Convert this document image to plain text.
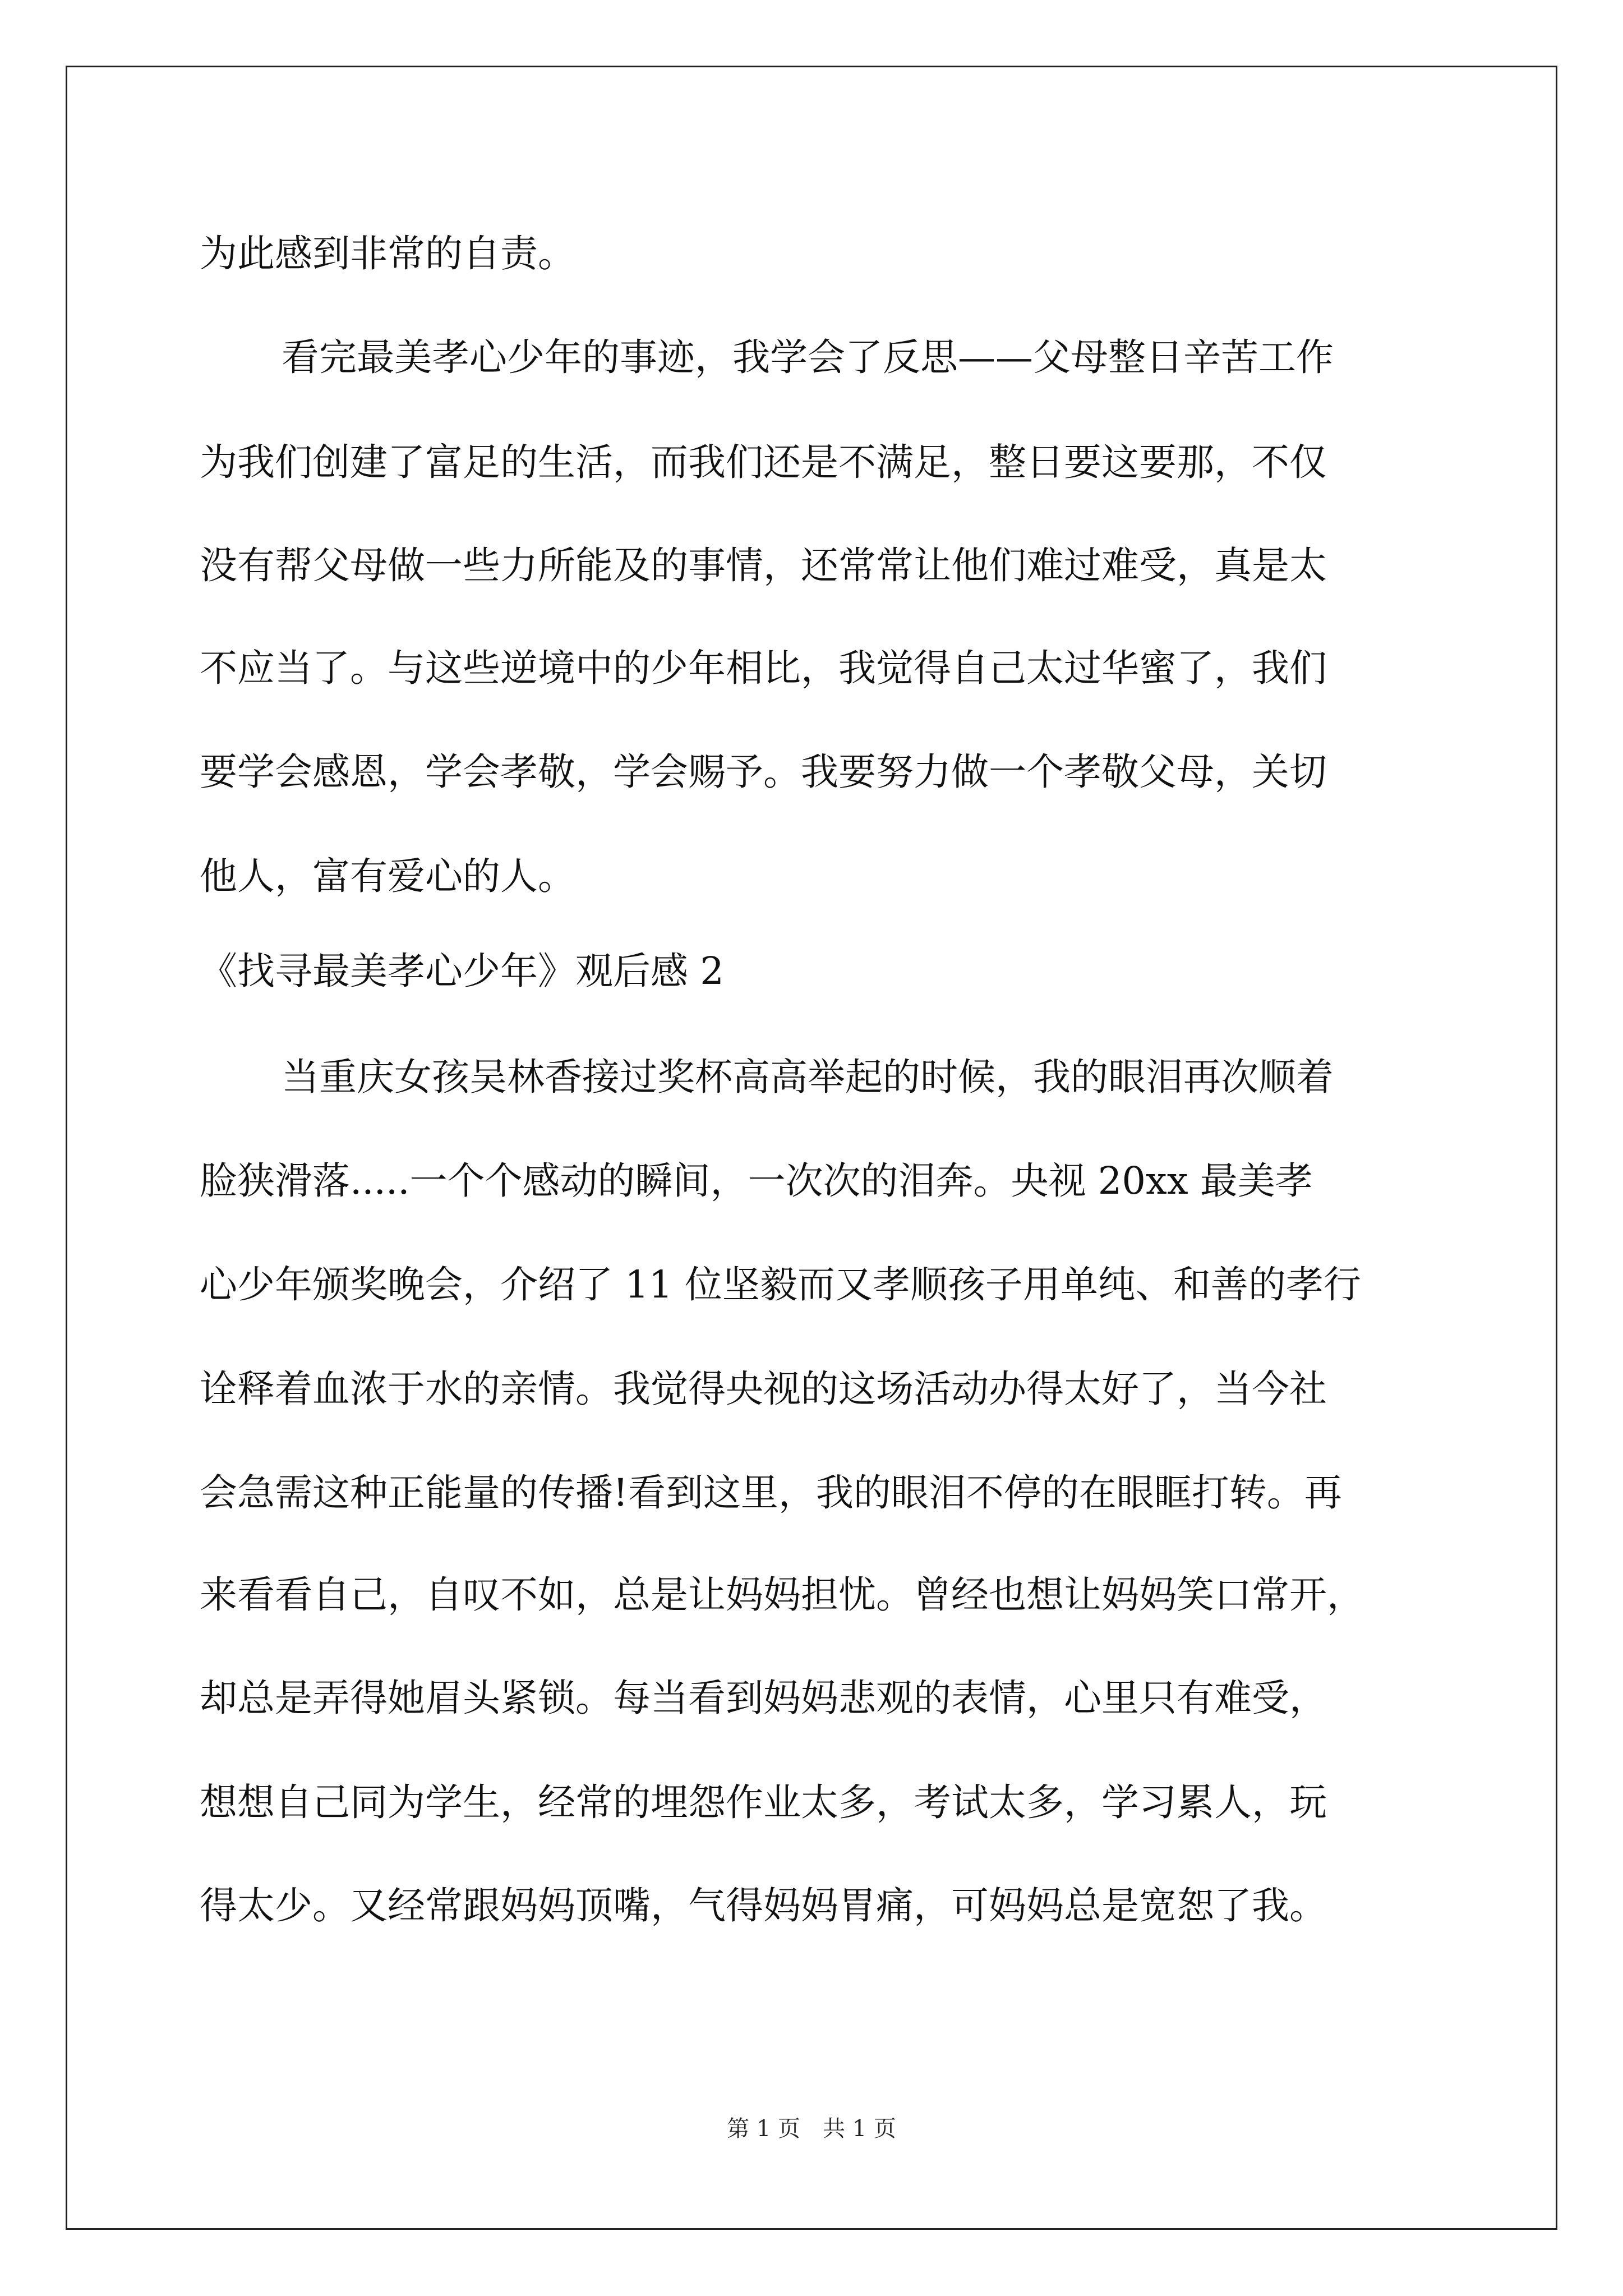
为此感到非常的自责。
看完最美孝心少年的事迹，我学会了反思——父母整日辛苦工作
为我们创建了富足的生活，而我们还是不满足，整日要这要那，不仅
没有帮父母做一些力所能及的事情，还常常让他们难过难受，真是太
不应当了。与这些逆境中的少年相比，我觉得自己太过华蜜了，我们
要学会感恩，学会孝敬，学会赐予。我要努力做一个孝敬父母，关切
他人，富有爱心的人。
《找寻最美孝心少年》观后感 2
当重庆女孩吴林香接过奖杯高高举起的时候，我的眼泪再次顺着
脸狭滑落.....一个个感动的瞬间，一次次的泪奔。央视 20xx 最美孝
心少年颁奖晚会，介绍了 11 位坚毅而又孝顺孩子用单纯、和善的孝行
诠释着血浓于水的亲情。我觉得央视的这场活动办得太好了，当今社
会急需这种正能量的传播!看到这里，我的眼泪不停的在眼眶打转。再
来看看自己，自叹不如，总是让妈妈担忧。曾经也想让妈妈笑口常开，
却总是弄得她眉头紧锁。每当看到妈妈悲观的表情，心里只有难受，
想想自己同为学生，经常的埋怨作业太多，考试太多，学习累人，玩
得太少。又经常跟妈妈顶嘴，气得妈妈胃痛，可妈妈总是宽恕了我。
第 1 页　共 1 页
